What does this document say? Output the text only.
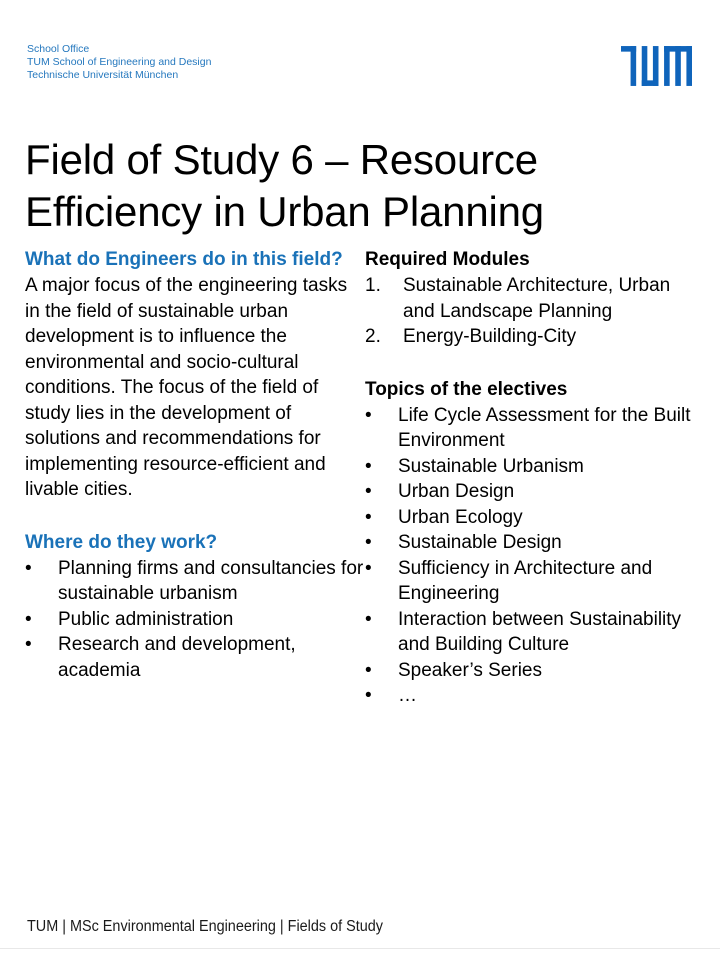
School Office
TUM School of Engineering and Design
Technische Universität München
Field of Study 6 – Resource Efficiency in Urban Planning
What do Engineers do in this field?
A major focus of the engineering tasks
in the field of sustainable urban
development is to influence the
environmental and socio-cultural
conditions. The focus of the field of
study lies in the development of
solutions and recommendations for
implementing resource-efficient and
livable cities.
Where do they work?
•	Planning firms and consultancies for
sustainable urbanism
•	Public administration
•	Research and development,
academia
Required Modules
1.	Sustainable Architecture, Urban
and Landscape Planning
2.	Energy-Building-City
Topics of the electives
•	Life Cycle Assessment for the Built
Environment
•	Sustainable Urbanism
•	Urban Design
•	Urban Ecology
•	Sustainable Design
•	Sufficiency in Architecture and
Engineering
•	Interaction between Sustainability
and Building Culture
•	Speaker’s Series
•	…
TUM | MSc Environmental Engineering | Fields of Study
